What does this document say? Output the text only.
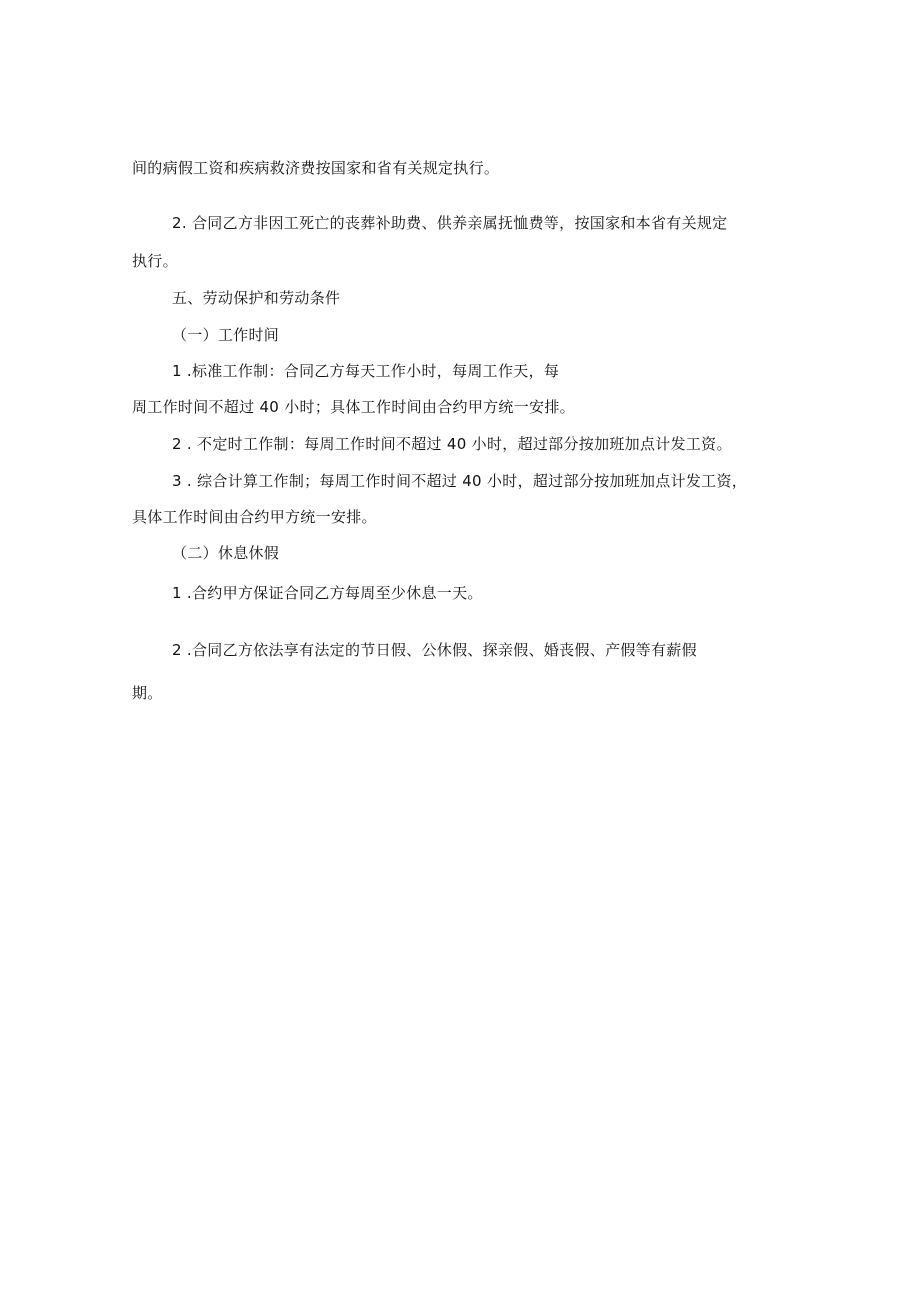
间的病假工资和疾病救济费按国家和省有关规定执行。
2. 合同乙方非因工死亡的丧葬补助费、供养亲属抚恤费等，按国家和本省有关规定
执行。
五、劳动保护和劳动条件
（一）工作时间
1 .标准工作制：合同乙方每天工作小时，每周工作天，每
周工作时间不超过 40 小时；具体工作时间由合约甲方统一安排。
2 . 不定时工作制：每周工作时间不超过 40 小时，超过部分按加班加点计发工资。
3 . 综合计算工作制；每周工作时间不超过 40 小时，超过部分按加班加点计发工资，
具体工作时间由合约甲方统一安排。
（二）休息休假
1 .合约甲方保证合同乙方每周至少休息一天。
2 .合同乙方依法享有法定的节日假、公休假、探亲假、婚丧假、产假等有薪假
期。
